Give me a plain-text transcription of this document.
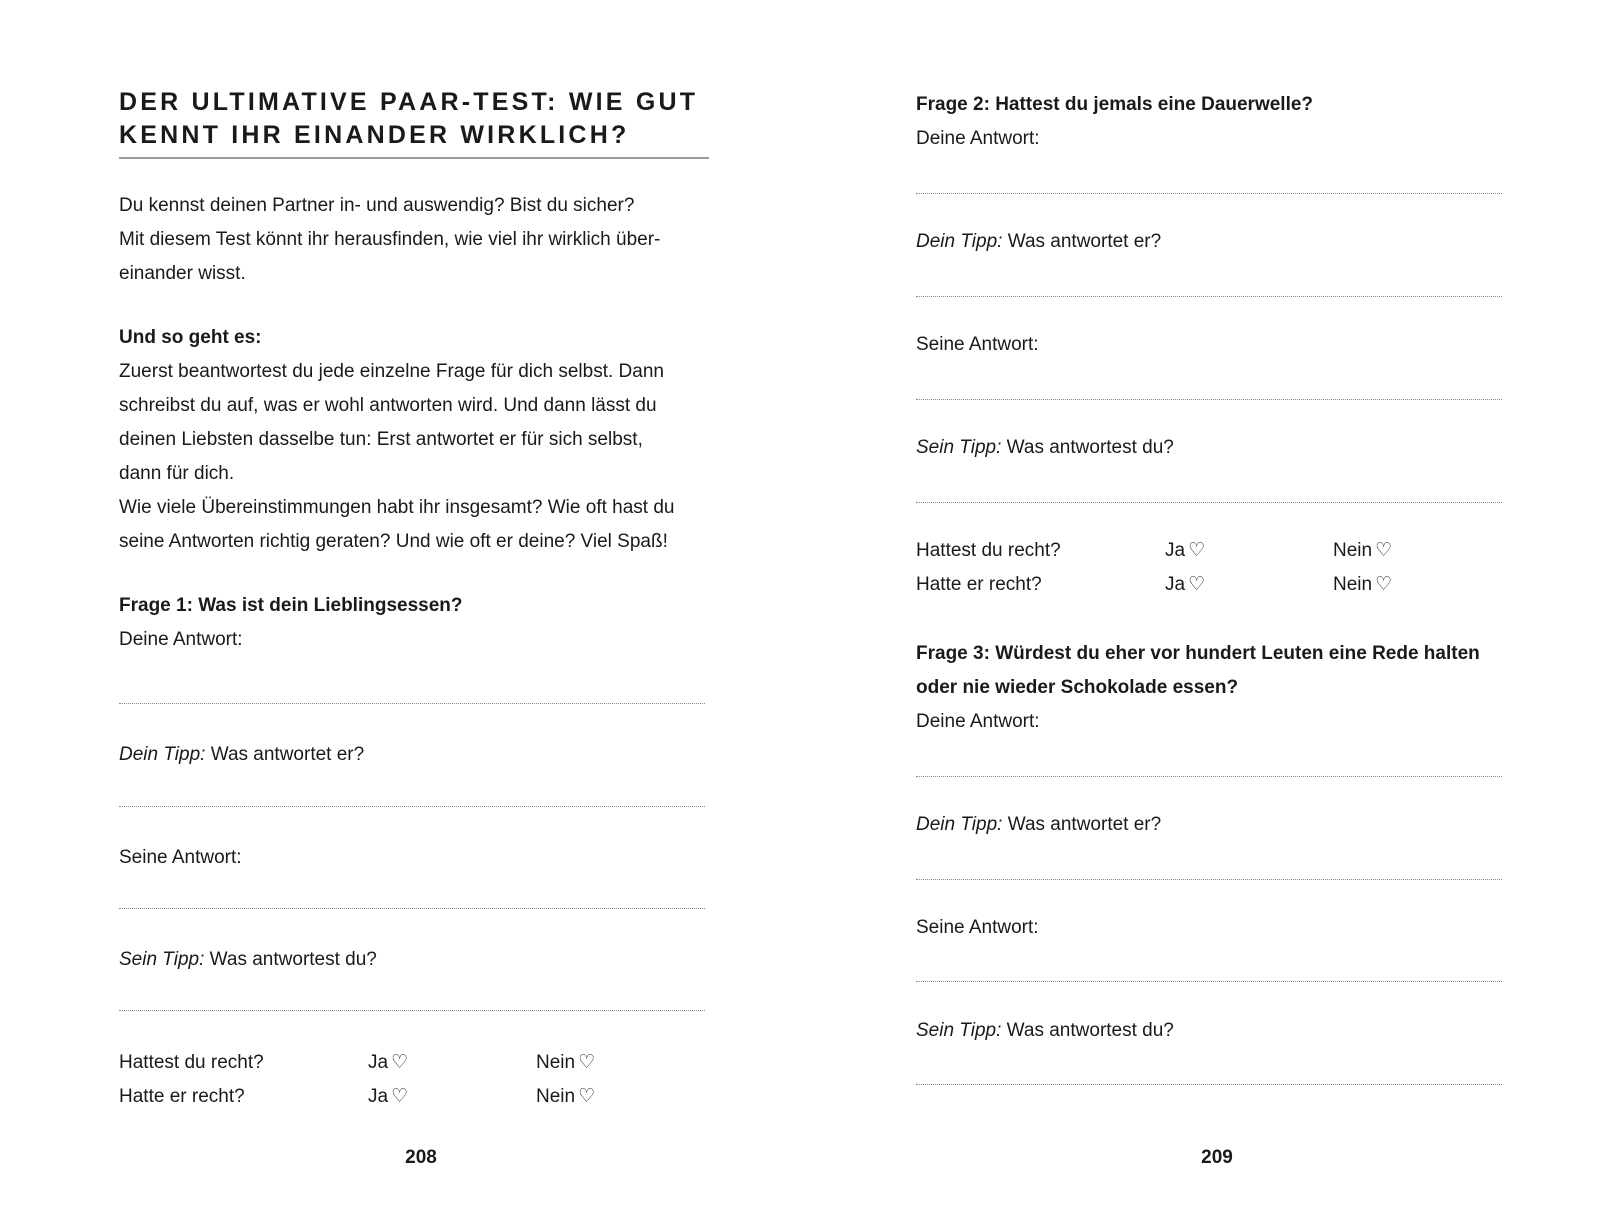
DER ULTIMATIVE PAAR-TEST: WIE GUT KENNT IHR EINANDER WIRKLICH?

Du kennst deinen Partner in- und auswendig? Bist du sicher?

Mit diesem Test könnt ihr herausfinden, wie viel ihr wirklich über-

einander wisst.

Und so geht es:

Zuerst beantwortest du jede einzelne Frage für dich selbst. Dann

schreibst du auf, was er wohl antworten wird. Und dann lässt du

deinen Liebsten dasselbe tun: Erst antwortet er für sich selbst,

dann für dich.

Wie viele Übereinstimmungen habt ihr insgesamt? Wie oft hast du

seine Antworten richtig geraten? Und wie oft er deine? Viel Spaß!

Frage 1: Was ist dein Lieblingsessen?
Deine Antwort:
Dein Tipp: Was antwortet er?
Seine Antwort:
Sein Tipp: Was antwortest du?
Hattest du recht?	Ja ♡	Nein ♡
Hatte er recht?	Ja ♡	Nein ♡
208
Frage 2: Hattest du jemals eine Dauerwelle?
Deine Antwort:
Dein Tipp: Was antwortet er?
Seine Antwort:
Sein Tipp: Was antwortest du?
Hattest du recht?	Ja ♡	Nein ♡
Hatte er recht?	Ja ♡	Nein ♡
Frage 3: Würdest du eher vor hundert Leuten eine Rede halten
oder nie wieder Schokolade essen?
Deine Antwort:
Dein Tipp: Was antwortet er?
Seine Antwort:
Sein Tipp: Was antwortest du?
209
